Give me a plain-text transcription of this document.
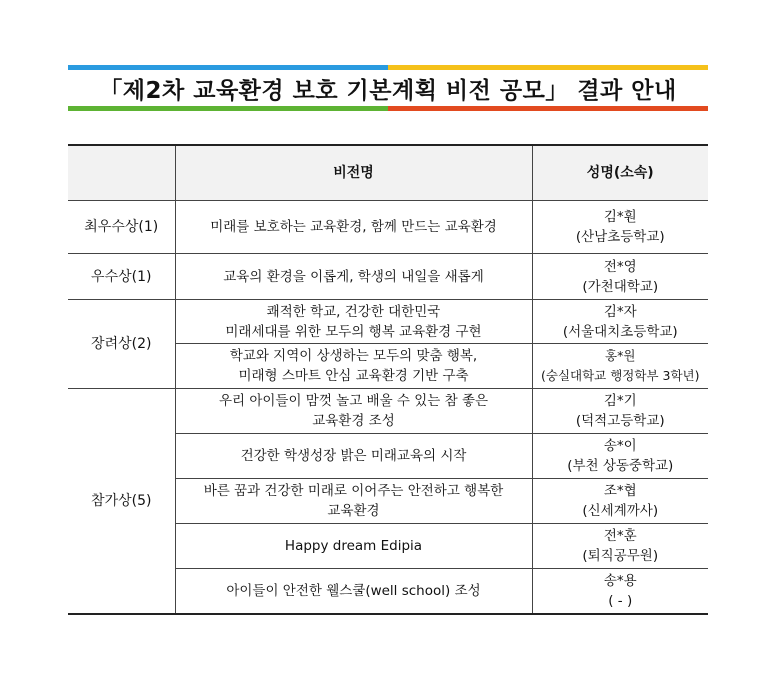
「제2차 교육환경 보호 기본계획 비전 공모」 결과 안내
	비전명	성명(소속)
최우수상(1)	미래를 보호하는 교육환경, 함께 만드는 교육환경	김*훤
(산남초등학교)
우수상(1)	교육의 환경을 이롭게, 학생의 내일을 새롭게	전*영
(가천대학교)
장려상(2)	쾌적한 학교, 건강한 대한민국
미래세대를 위한 모두의 행복 교육환경 구현	김*자
(서울대치초등학교)
	학교와 지역이 상생하는 모두의 맞춤 행복,
미래형 스마트 안심 교육환경 기반 구축	홍*원
(숭실대학교 행정학부 3학년)
참가상(5)	우리 아이들이 맘껏 놀고 배울 수 있는 참 좋은
교육환경 조성	김*기
(덕적고등학교)
	건강한 학생성장 밝은 미래교육의 시작	송*이
(부천 상동중학교)
	바른 꿈과 건강한 미래로 이어주는 안전하고 행복한
교육환경	조*협
(신세계까사)
	Happy dream Edipia	전*훈
(퇴직공무원)
	아이들이 안전한 웰스쿨(well school) 조성	송*용
( - )
